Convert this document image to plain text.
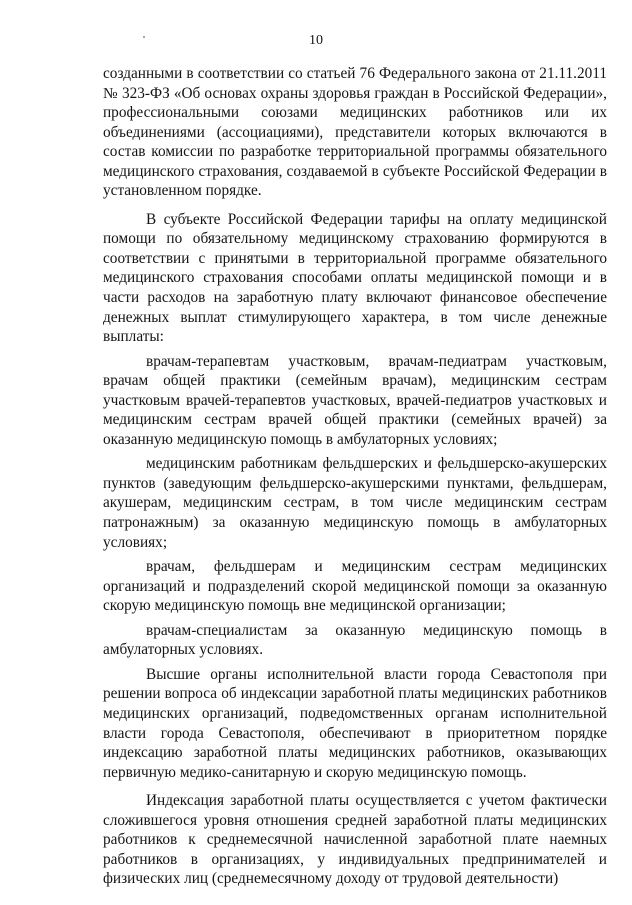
10

созданными в соответствии со статьей 76 Федерального закона от 21.11.2011 № 323-ФЗ «Об основах охраны здоровья граждан в Российской Федерации», профессиональными союзами медицинских работников или их объединениями (ассоциациями), представители которых включаются в состав комиссии по разработке территориальной программы обязательного медицинского страхования, создаваемой в субъекте Российской Федерации в установленном порядке.

В субъекте Российской Федерации тарифы на оплату медицинской помощи по обязательному медицинскому страхованию формируются в соответствии с принятыми в территориальной программе обязательного медицинского страхования способами оплаты медицинской помощи и в части расходов на заработную плату включают финансовое обеспечение денежных выплат стимулирующего характера, в том числе денежные выплаты:

врачам-терапевтам участковым, врачам-педиатрам участковым, врачам общей практики (семейным врачам), медицинским сестрам участковым врачей-терапевтов участковых, врачей-педиатров участковых и медицинским сестрам врачей общей практики (семейных врачей) за оказанную медицинскую помощь в амбулаторных условиях;

медицинским работникам фельдшерских и фельдшерско-акушерских пунктов (заведующим фельдшерско-акушерскими пунктами, фельдшерам, акушерам, медицинским сестрам, в том числе медицинским сестрам патронажным) за оказанную медицинскую помощь в амбулаторных условиях;

врачам, фельдшерам и медицинским сестрам медицинских организаций и подразделений скорой медицинской помощи за оказанную скорую медицинскую помощь вне медицинской организации;

врачам-специалистам за оказанную медицинскую помощь в амбулаторных условиях.

Высшие органы исполнительной власти города Севастополя при решении вопроса об индексации заработной платы медицинских работников медицинских организаций, подведомственных органам исполнительной власти города Севастополя, обеспечивают в приоритетном порядке индексацию заработной платы медицинских работников, оказывающих первичную медико-санитарную и скорую медицинскую помощь.

Индексация заработной платы осуществляется с учетом фактически сложившегося уровня отношения средней заработной платы медицинских работников к среднемесячной начисленной заработной плате наемных работников в организациях, у индивидуальных предпринимателей и физических лиц (среднемесячному доходу от трудовой деятельности)
